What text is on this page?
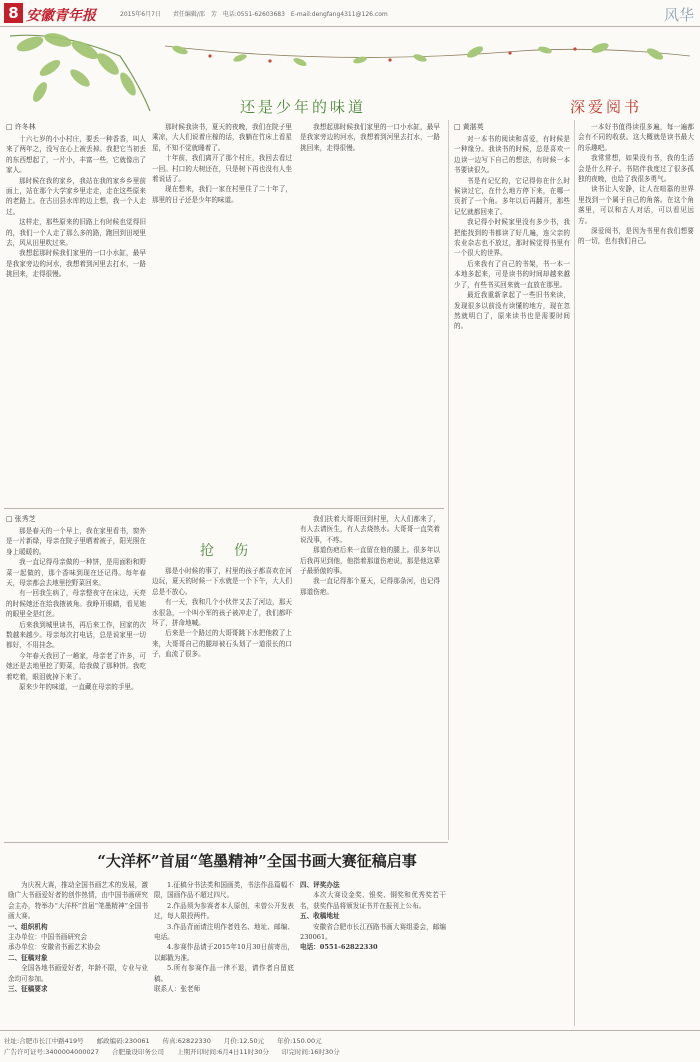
8 安徽青年报	2015年6月7日　　责任编辑/邵　芳　电话:0551-62603683　E-mail:dengfang4311@126.com	风华
还是少年的味道	深爱阅书

□ 许冬林

十六七岁的小小村庄，要丢一种香香，叫人来了两年之，没写在心上被丢掉。我把它当初丢的东西想起了，一片小，丰富一些，它就像出了家人。

那时候在我的家乡，我站在我的家乡乡里前面上，站在那个大学家乡里走走，走在这些原来的老路上。在古田县水库的边上想，我一个人走过。

这样走，那些原来的旧路上有时候也觉得旧的，我们一个人走了那么多的路，跑回到田埂里去，风从田里吹过来。

我想起那时候我们家里的一口小水缸，最早是我家旁边的河水，我想着到河里去打水，一路挑回来，走得很慢。

那时候我读书，夏天的夜晚，我们在院子里乘凉，大人们说着庄稼的话，我躺在竹床上看星星，不知不觉就睡着了。

十年前，我们离开了那个村庄，我回去看过一回。村口的大树还在，只是树下再也没有人坐着说话了。

现在想来，我们一家在村里住了二十年了，那里的日子还是少年的味道。

我想起那时候我们家里的一口小水缸，最早是我家旁边的河水，我想着到河里去打水，一路挑回来，走得很慢。

□ 张秀芝

那是春天的一个早上，我在家里看书，窗外是一片新绿，母亲在院子里晒着被子，阳光照在身上暖暖的。

我一直记得母亲做的一种饼，是用面粉和野菜一起做的，那个香味到现在还记得。每年春天，母亲都会去地里挖野菜回来。

有一回我生病了，母亲整夜守在床边，天亮的时候她还在给我掖被角。我睁开眼睛，看见她的眼里全是红丝。

后来我到城里读书，再后来工作，回家的次数越来越少。母亲每次打电话，总是说家里一切都好，不用挂念。

今年春天我回了一趟家，母亲老了许多，可她还是去地里挖了野菜，给我做了那种饼。我吃着吃着，眼泪就掉下来了。

原来少年的味道，一直藏在母亲的手里。

抢　伤

那是小时候的事了，村里的孩子都喜欢在河边玩，夏天的时候一下水就是一个下午，大人们总是不放心。

有一天，我和几个小伙伴又去了河边，那天水很急，一个叫小军的孩子被冲走了，我们都吓坏了，拼命地喊。

后来是一个路过的大哥哥跳下水把他救了上来，大哥哥自己的腿却被石头划了一道很长的口子，血流了很多。

我们扶着大哥哥回到村里，大人们都来了，有人去请医生，有人去烧热水。大哥哥一直笑着说没事，不疼。

那道伤疤后来一直留在他的腿上。很多年以后我再见到他，他指着那道伤疤说，那是他这辈子最骄傲的事。

我一直记得那个夏天，记得那条河，也记得那道伤疤。

□ 黄湛英

对一本书的阅读和喜爱，有时候是一种缘分。我读书的时候，总是喜欢一边读一边写下自己的想法，有时候一本书要读很久。

书是有记忆的，它记得你在什么时候读过它，在什么地方停下来，在哪一页折了一个角。多年以后再翻开，那些记忆就都回来了。

我记得小时候家里没有多少书，我把能找到的书都读了好几遍，连父亲的农业杂志也不放过，那时候觉得书里有一个很大的世界。

后来我有了自己的书架，书一本一本地多起来，可是读书的时间却越来越少了，有些书买回来就一直放在那里。

最近我重新拿起了一些旧书来读，发现很多以前没有读懂的地方，现在忽然就明白了，原来读书也是需要时间的。

一本好书值得读很多遍，每一遍都会有不同的收获。这大概就是读书最大的乐趣吧。

我常常想，如果没有书，我的生活会是什么样子。书陪伴我度过了很多孤独的夜晚，也给了我很多勇气。

读书让人安静，让人在喧嚣的世界里找到一个属于自己的角落。在这个角落里，可以和古人对话，可以看见远方。

深爱阅书，是因为书里有我们想要的一切，也有我们自己。

“大洋杯”首届“笔墨精神”全国书画大赛征稿启事

为庆祝大赛，推动全国书画艺术的发展，激励广大书画爱好者的创作热情，由中国书画研究会主办，特举办“大洋杯”首届“笔墨精神”全国书画大赛。

一、组织机构

主办单位：中国书画研究会

承办单位：安徽省书画艺术协会

二、征稿对象

全国各地书画爱好者，年龄不限，专业与业余均可参加。

三、征稿要求

1.征稿分书法类和国画类，书法作品篇幅不限，国画作品不超过四尺。

2.作品须为参赛者本人原创，未曾公开发表过，每人限投两件。

3.作品背面请注明作者姓名、地址、邮编、电话。

4.参赛作品请于2015年10月30日前寄出，以邮戳为准。

5.所有参赛作品一律不退，请作者自留底稿。

联系人：张老师

四、评奖办法

本次大赛设金奖、银奖、铜奖和优秀奖若干名，获奖作品将颁发证书并在报刊上公布。

五、收稿地址

安徽省合肥市长江西路书画大赛组委会，邮编230061。

电话：0551-62822330

社址:合肥市长江中路419号　　邮政编码:230061　　传真:62822330　　月价:12.50元　　年价:150.00元
广告许可证号:3400004000027　　合肥量设印务公司　　上期开印时间:6月4日11时30分　　印完时间:16时30分
